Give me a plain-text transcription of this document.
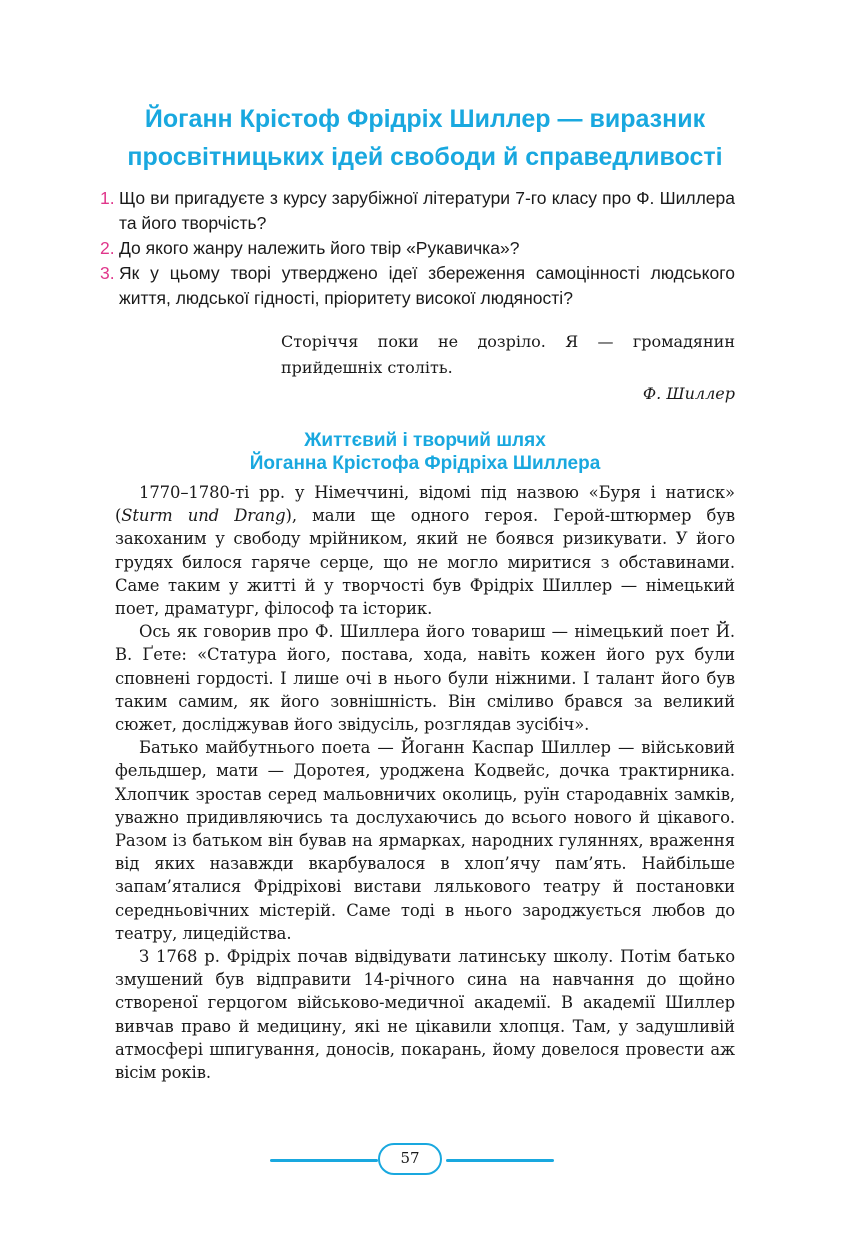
Йоганн Крістоф Фрідріх Шиллер — виразник
просвітницьких ідей свободи й справедливості
1. Що ви пригадуєте з курсу зарубіжної літератури 7-го класу про Ф. Шиллера та його творчість?
2. До якого жанру належить його твір «Рукавичка»?
3. Як у цьому творі утверджено ідеї збереження самоцінності людського життя, людської гідності, пріоритету високої людяності?
Сторіччя поки не дозріло. Я — громадянин прийдешніх століть.
Ф. Шиллер
Життєвий і творчий шлях
Йоганна Крістофа Фрідріха Шиллера

1770–1780-ті рр. у Німеччині, відомі під назвою «Буря і натиск» (Sturm und Drang), мали ще одного героя. Герой-штюрмер був закоханим у свободу мрійником, який не боявся ризикувати. У його грудях билося гаряче серце, що не могло миритися з обставинами. Саме таким у житті й у творчості був Фрідріх Шиллер — німецький поет, драматург, філософ та історик.

Ось як говорив про Ф. Шиллера його товариш — німецький поет Й. В. Ґете: «Статура його, постава, хода, навіть кожен його рух були сповнені гордості. І лише очі в нього були ніжними. І талант його був таким самим, як його зовнішність. Він сміливо брався за великий сюжет, досліджував його звідусіль, розглядав зусібіч».

Батько майбутнього поета — Йоганн Каспар Шиллер — військовий фельдшер, мати — Доротея, уроджена Кодвейс, дочка трактирника. Хлопчик зростав серед мальовничих околиць, руїн стародавніх замків, уважно придивляючись та дослухаючись до всього нового й цікавого. Разом із батьком він бував на ярмарках, народних гуляннях, враження від яких назавжди вкарбувалося в хлоп’ячу пам’ять. Найбільше запам’яталися Фрідріхові вистави лялькового театру й постановки середньовічних містерій. Саме тоді в нього зароджується любов до театру, лицедійства.

З 1768 р. Фрідріх почав відвідувати латинську школу. Потім батько змушений був відправити 14-річного сина на навчання до щойно створеної герцогом військово-медичної академії. В академії Шиллер вивчав право й медицину, які не цікавили хлопця. Там, у задушливій атмосфері шпигування, доносів, покарань, йому довелося провести аж вісім років.

57
